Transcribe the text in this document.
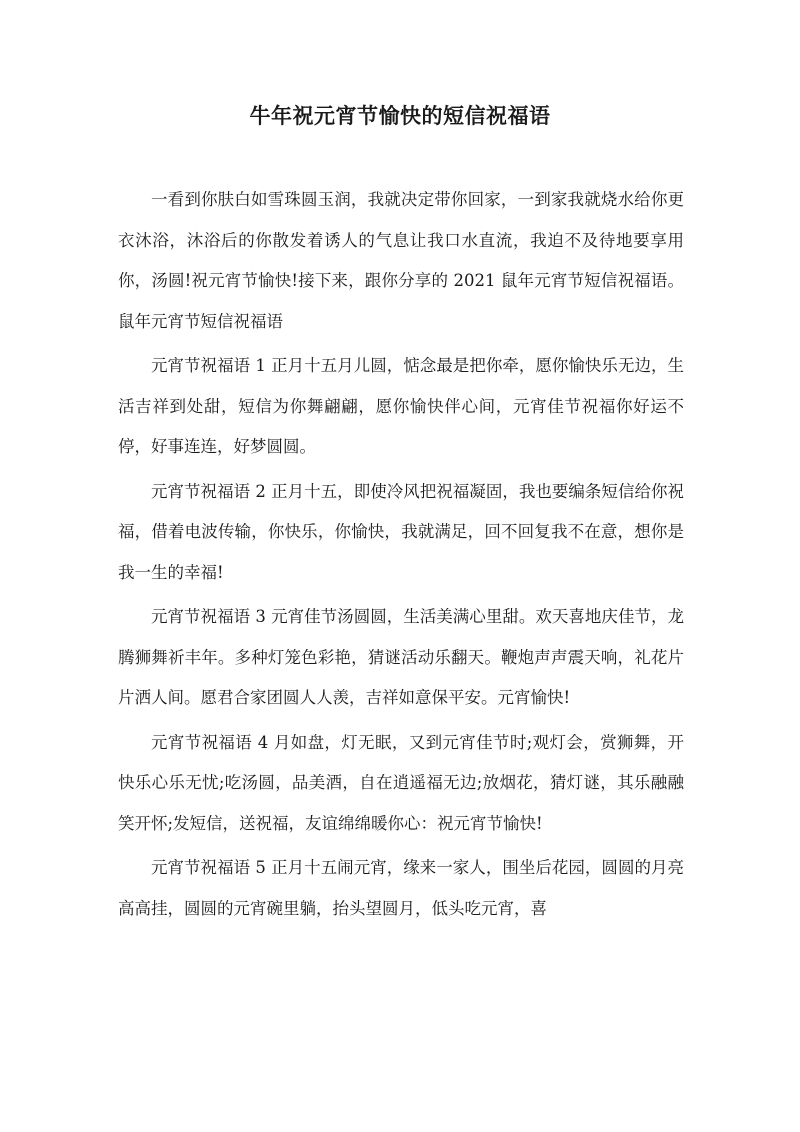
牛年祝元宵节愉快的短信祝福语

一看到你肤白如雪珠圆玉润，我就决定带你回家，一到家我就烧水给你更衣沐浴，沐浴后的你散发着诱人的气息让我口水直流，我迫不及待地要享用你，汤圆!祝元宵节愉快!接下来，跟你分享的 2021 鼠年元宵节短信祝福语。鼠年元宵节短信祝福语

元宵节祝福语 1 正月十五月儿圆，惦念最是把你牵，愿你愉快乐无边，生活吉祥到处甜，短信为你舞翩翩，愿你愉快伴心间，元宵佳节祝福你好运不停，好事连连，好梦圆圆。

元宵节祝福语 2 正月十五，即使冷风把祝福凝固，我也要编条短信给你祝福，借着电波传输，你快乐，你愉快，我就满足，回不回复我不在意，想你是我一生的幸福!

元宵节祝福语 3 元宵佳节汤圆圆，生活美满心里甜。欢天喜地庆佳节，龙腾狮舞祈丰年。多种灯笼色彩艳，猜谜活动乐翻天。鞭炮声声震天响，礼花片片洒人间。愿君合家团圆人人羡，吉祥如意保平安。元宵愉快!

元宵节祝福语 4 月如盘，灯无眠，又到元宵佳节时;观灯会，赏狮舞，开快乐心乐无忧;吃汤圆，品美酒，自在逍遥福无边;放烟花，猜灯谜，其乐融融笑开怀;发短信，送祝福，友谊绵绵暖你心：祝元宵节愉快!

元宵节祝福语 5 正月十五闹元宵，缘来一家人，围坐后花园，圆圆的月亮高高挂，圆圆的元宵碗里躺，抬头望圆月，低头吃元宵，喜
